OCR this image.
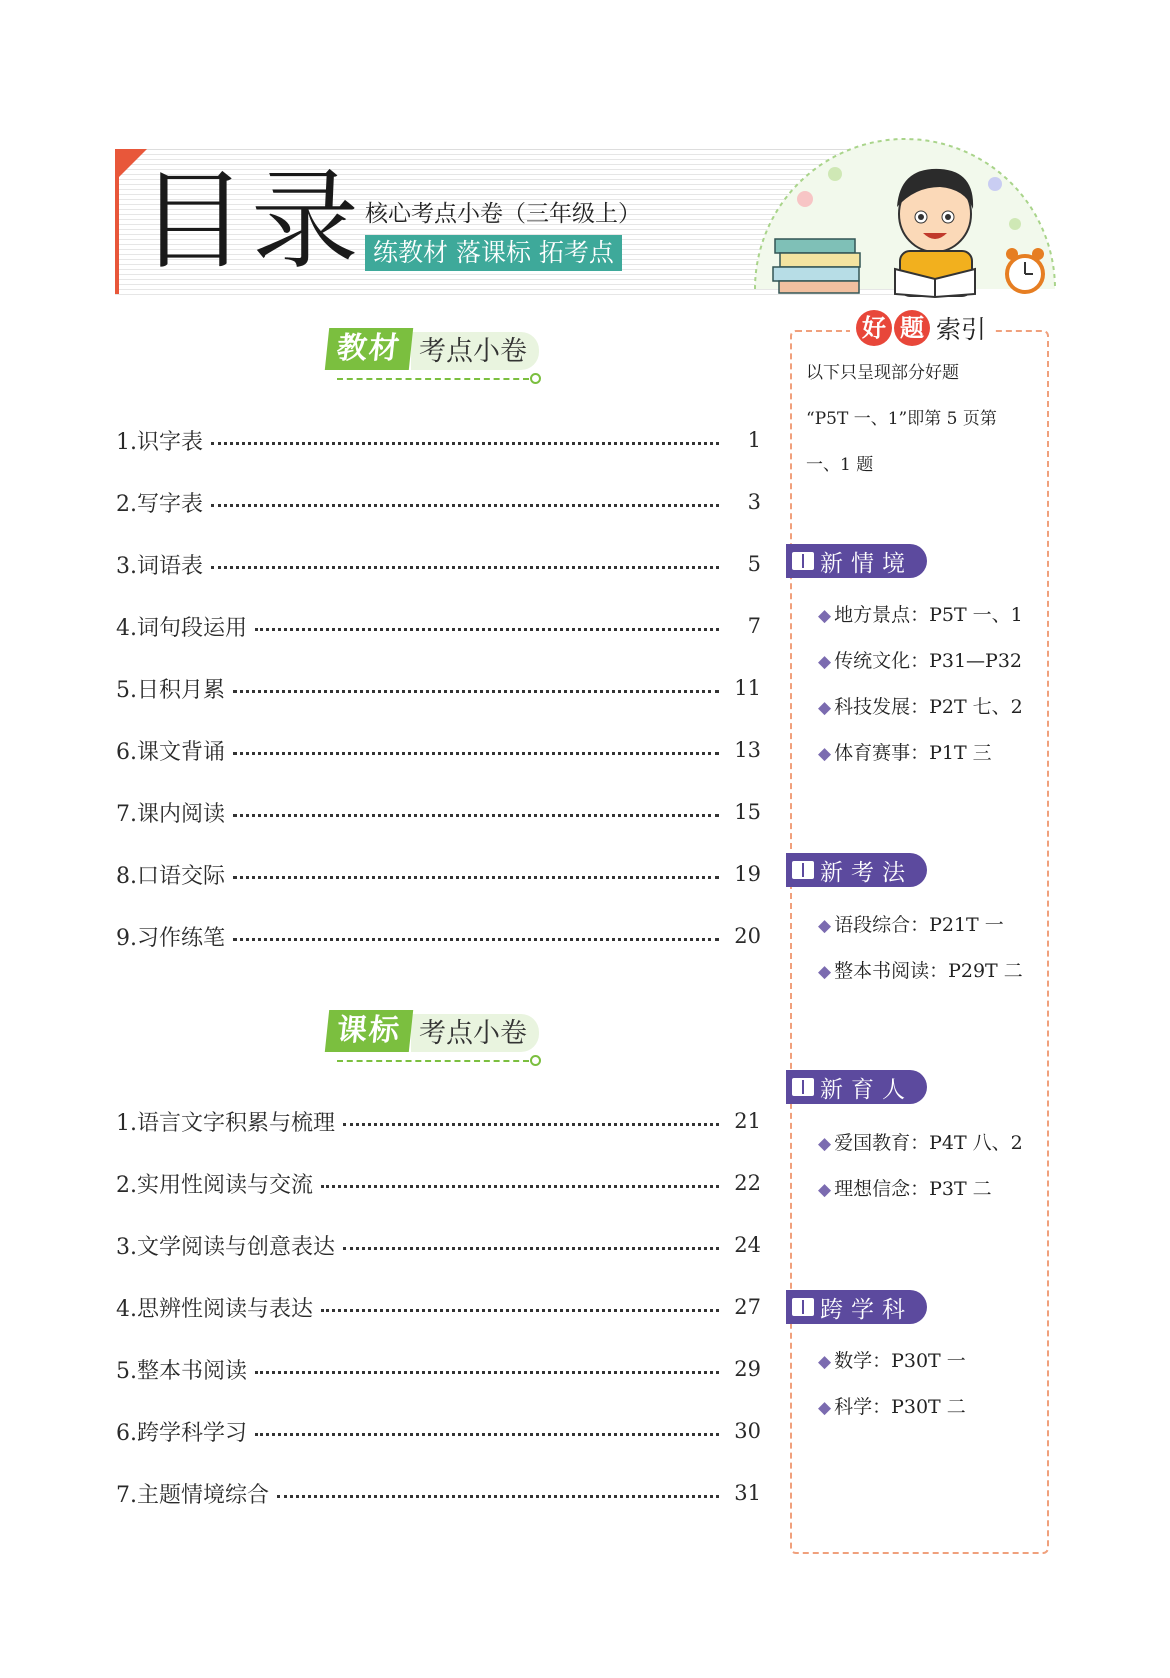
目录 核心考点小卷（三年级上）
练教材 落课标 拓考点
教材 考点小卷
1.识字表	1
2.写字表	3
3.词语表	5
4.词句段运用	7
5.日积月累	11
6.课文背诵	13
7.课内阅读	15
8.口语交际	19
9.习作练笔	20
课标 考点小卷
1.语言文字积累与梳理	21
2.实用性阅读与交流	22
3.文学阅读与创意表达	24
4.思辨性阅读与表达	27
5.整本书阅读	29
6.跨学科学习	30
7.主题情境综合	31
好 题 索引
以下只呈现部分好题
“P5T 一、1”即第 5 页第
一、1 题
新情境
◆ 地方景点：P5T 一、1
◆ 传统文化：P31—P32
◆ 科技发展：P2T 七、2
◆ 体育赛事：P1T 三
新考法
◆ 语段综合：P21T 一
◆ 整本书阅读：P29T 二
新育人
◆ 爱国教育：P4T 八、2
◆ 理想信念：P3T 二
跨学科
◆ 数学：P30T 一
◆ 科学：P30T 二
